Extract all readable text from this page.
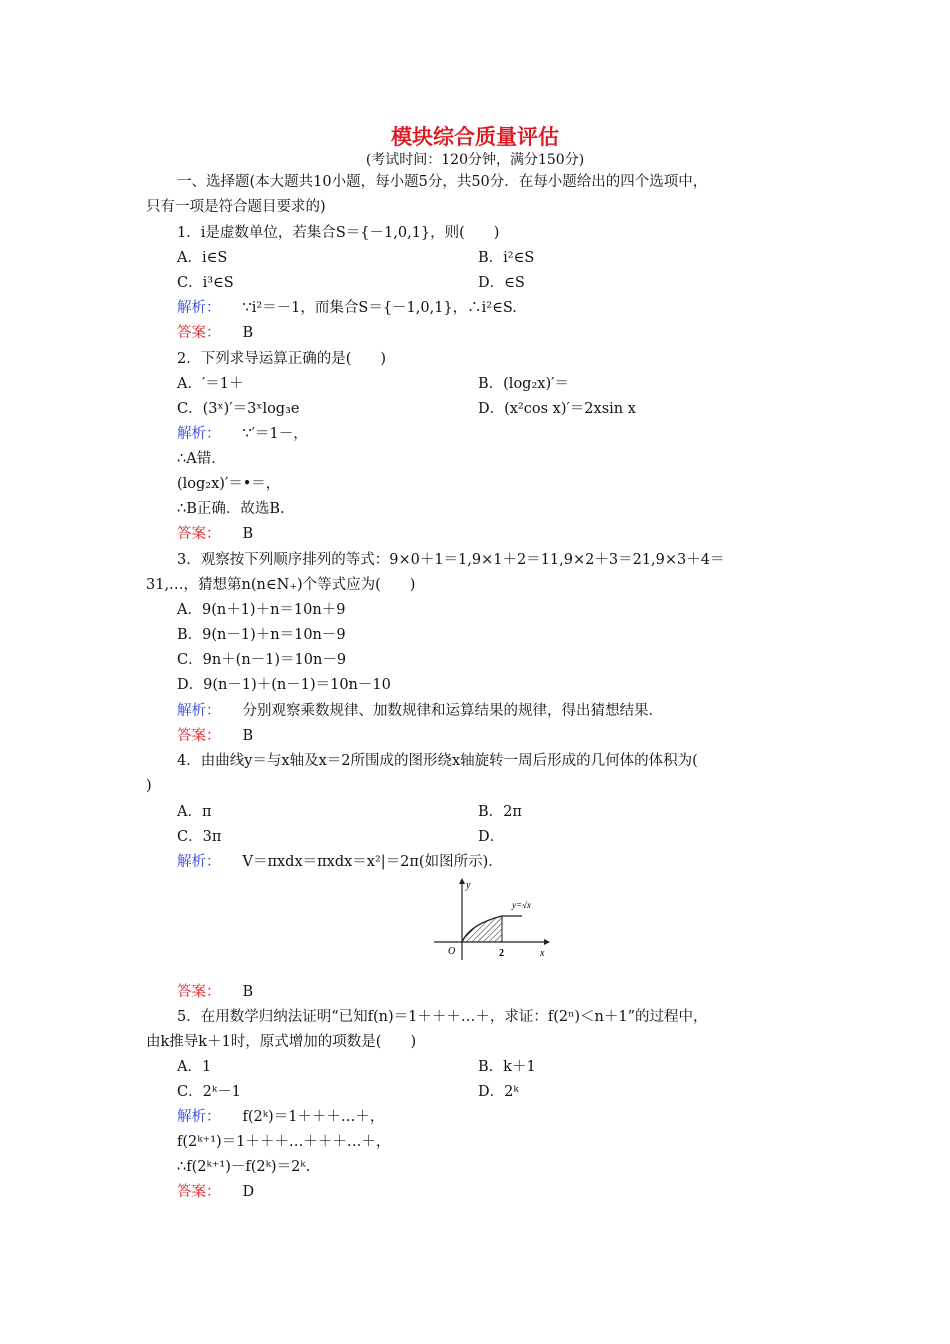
模块综合质量评估
(考试时间：120分钟，满分150分)
一、选择题(本大题共10小题，每小题5分，共50分．在每小题给出的四个选项中，
只有一项是符合题目要求的)
1．i是虚数单位，若集合S＝{－1,0,1}，则(　　)
A．i∈S	B．i²∈S
C．i³∈S	D．∈S
解析： ∵i²＝－1，而集合S＝{－1,0,1}，∴i²∈S.
答案： B
2．下列求导运算正确的是(　　)
A．′＝1＋	B．(log₂x)′＝
C．(3ˣ)′＝3ˣlog₃e	D．(x²cos x)′＝2xsin x
解析： ∵′＝1－，
∴A错．
(log₂x)′＝•＝，
∴B正确．故选B.
答案： B
3．观察按下列顺序排列的等式：9×0＋1＝1,9×1＋2＝11,9×2＋3＝21,9×3＋4＝
31,…，猜想第n(n∈N₊)个等式应为(　　)
A．9(n＋1)＋n＝10n＋9
B．9(n－1)＋n＝10n－9
C．9n＋(n－1)＝10n－9
D．9(n－1)＋(n－1)＝10n－10
解析： 分别观察乘数规律、加数规律和运算结果的规律，得出猜想结果．
答案： B
4．由曲线y＝与x轴及x＝2所围成的图形绕x轴旋转一周后形成的几何体的体积为(
)
A．π	B．2π
C．3π	D．
解析： V＝πxdx＝πxdx＝x²|＝2π(如图所示)．
y
x
O	2
y=√x
答案： B
5．在用数学归纳法证明“已知f(n)＝1＋＋＋…＋，求证：f(2ⁿ)＜n＋1”的过程中，
由k推导k＋1时，原式增加的项数是(　　)
A．1	B．k＋1
C．2ᵏ－1	D．2ᵏ
解析： f(2ᵏ)＝1＋＋＋…＋，
f(2ᵏ⁺¹)＝1＋＋＋…＋＋＋…＋，
∴f(2ᵏ⁺¹)－f(2ᵏ)＝2ᵏ.
答案： D
